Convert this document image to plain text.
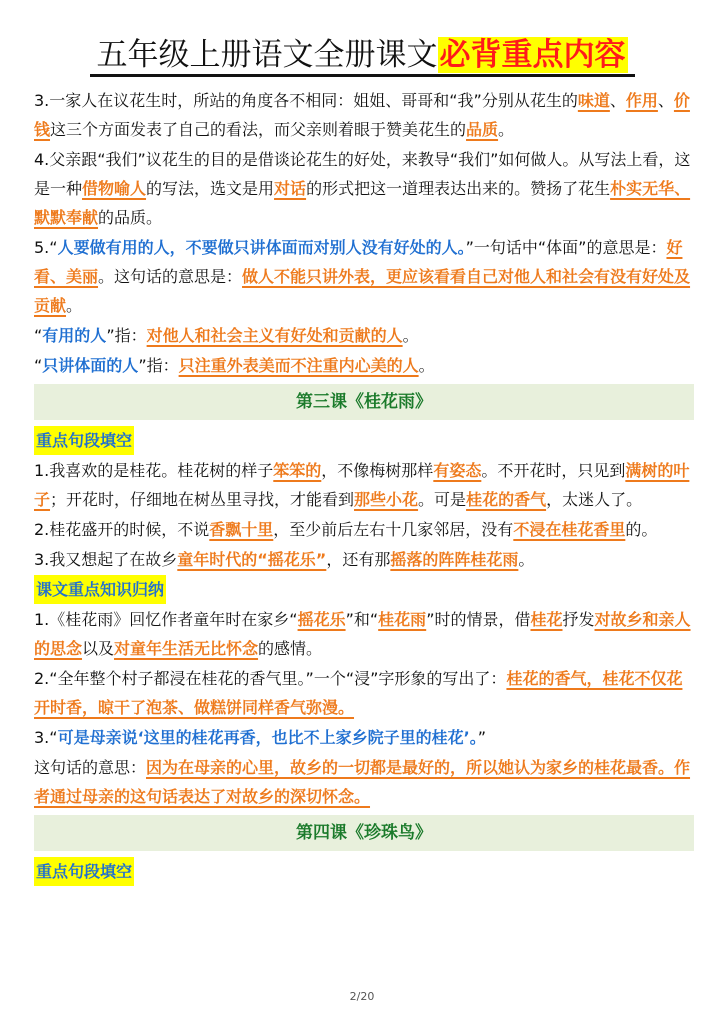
五年级上册语文全册课文必背重点内容
3.一家人在议花生时，所站的角度各不相同：姐姐、哥哥和“我”分别从花生的味道、作用、价钱这三个方面发表了自己的看法，而父亲则着眼于赞美花生的品质。
4.父亲跟“我们”议花生的目的是借谈论花生的好处，来教导“我们”如何做人。从写法上看，这是一种借物喻人的写法，选文是用对话的形式把这一道理表达出来的。赞扬了花生朴实无华、默默奉献的品质。
5.“人要做有用的人，不要做只讲体面而对别人没有好处的人。”一句话中“体面”的意思是：好看、美丽。这句话的意思是：做人不能只讲外表，更应该看看自己对他人和社会有没有好处及贡献。
“有用的人”指：对他人和社会主义有好处和贡献的人。
“只讲体面的人”指：只注重外表美而不注重内心美的人。
第三课《桂花雨》
重点句段填空
1.我喜欢的是桂花。桂花树的样子笨笨的，不像梅树那样有姿态。不开花时，只见到满树的叶子；开花时，仔细地在树丛里寻找，才能看到那些小花。可是桂花的香气，太迷人了。
2.桂花盛开的时候，不说香飘十里，至少前后左右十几家邻居，没有不浸在桂花香里的。
3.我又想起了在故乡童年时代的“摇花乐”，还有那摇落的阵阵桂花雨。
课文重点知识归纳
1.《桂花雨》回忆作者童年时在家乡“摇花乐”和“桂花雨”时的情景，借桂花抒发对故乡和亲人的思念以及对童年生活无比怀念的感情。
2.“全年整个村子都浸在桂花的香气里。”一个“浸”字形象的写出了：桂花的香气，桂花不仅花开时香，晾干了泡茶、做糕饼同样香气弥漫。
3.“可是母亲说‘这里的桂花再香，也比不上家乡院子里的桂花’。”
这句话的意思：因为在母亲的心里，故乡的一切都是最好的，所以她认为家乡的桂花最香。作者通过母亲的这句话表达了对故乡的深切怀念。
第四课《珍珠鸟》
重点句段填空
2/20
